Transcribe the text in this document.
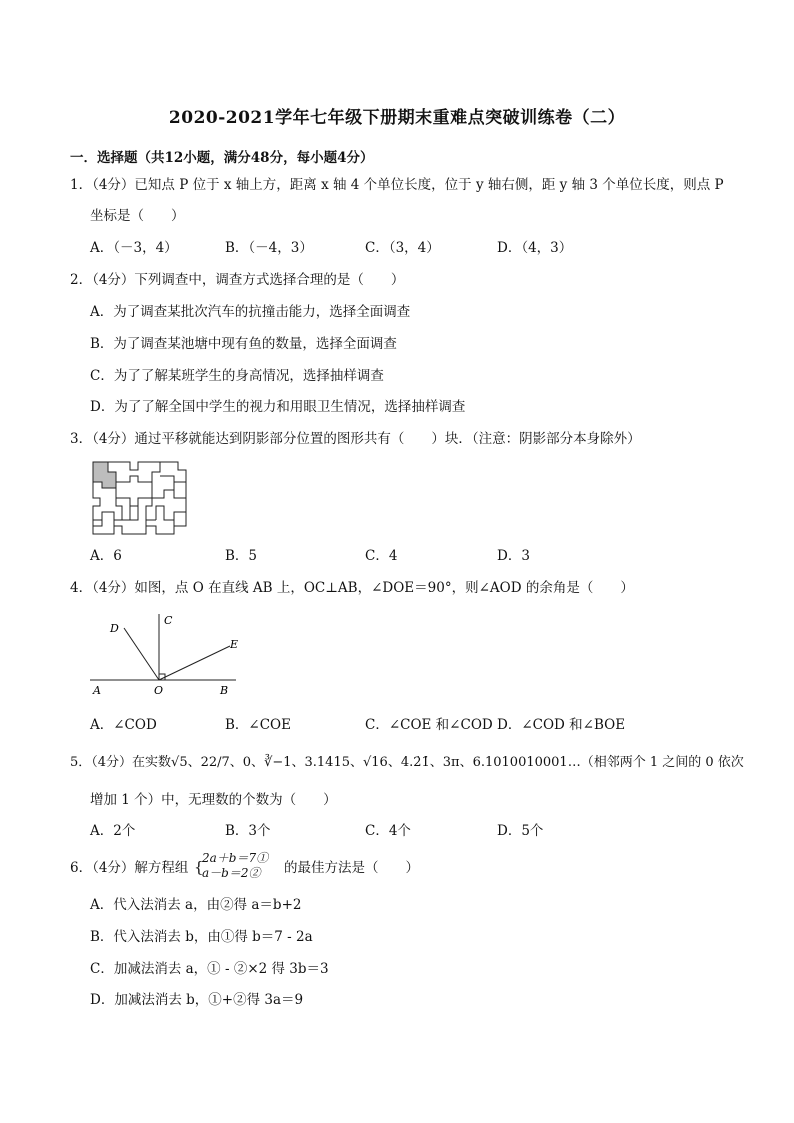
2020-2021学年七年级下册期末重难点突破训练卷（二）
一．选择题（共12小题，满分48分，每小题4分）
1．（4分）已知点 P 位于 x 轴上方，距离 x 轴 4 个单位长度，位于 y 轴右侧，距 y 轴 3 个单位长度，则点 P
坐标是（　　）
A．（－3，4）	B．（－4，3）	C．（3，4）	D．（4，3）
2．（4分）下列调查中，调查方式选择合理的是（　　）
A．为了调查某批次汽车的抗撞击能力，选择全面调查
B．为了调查某池塘中现有鱼的数量，选择全面调查
C．为了了解某班学生的身高情况，选择抽样调查
D．为了了解全国中学生的视力和用眼卫生情况，选择抽样调查
3．（4分）通过平移就能达到阴影部分位置的图形共有（　　）块．（注意：阴影部分本身除外）
A．6	B．5	C．4	D．3
4．（4分）如图，点 O 在直线 AB 上，OC⊥AB，∠DOE＝90°，则∠AOD 的余角是（　　）
A	O	B
C
D
E
A．∠COD	B．∠COE	C．∠COE 和∠COD D．∠COD 和∠BOE
5．（4分）在实数√5、22/7、0、∛−1、3.1415、√16、4.2̇1̇、3π、6.1010010001…（相邻两个 1 之间的 0 依次
增加 1 个）中，无理数的个数为（　　）
A．2个	B．3个	C．4个	D．5个
6．（4分）解方程组 {
2a＋b＝7①
a－b＝2② 的最佳方法是（　　）
A．代入法消去 a，由②得 a＝b+2
B．代入法消去 b，由①得 b＝7 - 2a
C．加减法消去 a，① - ②×2 得 3b＝3
D．加减法消去 b，①+②得 3a＝9
